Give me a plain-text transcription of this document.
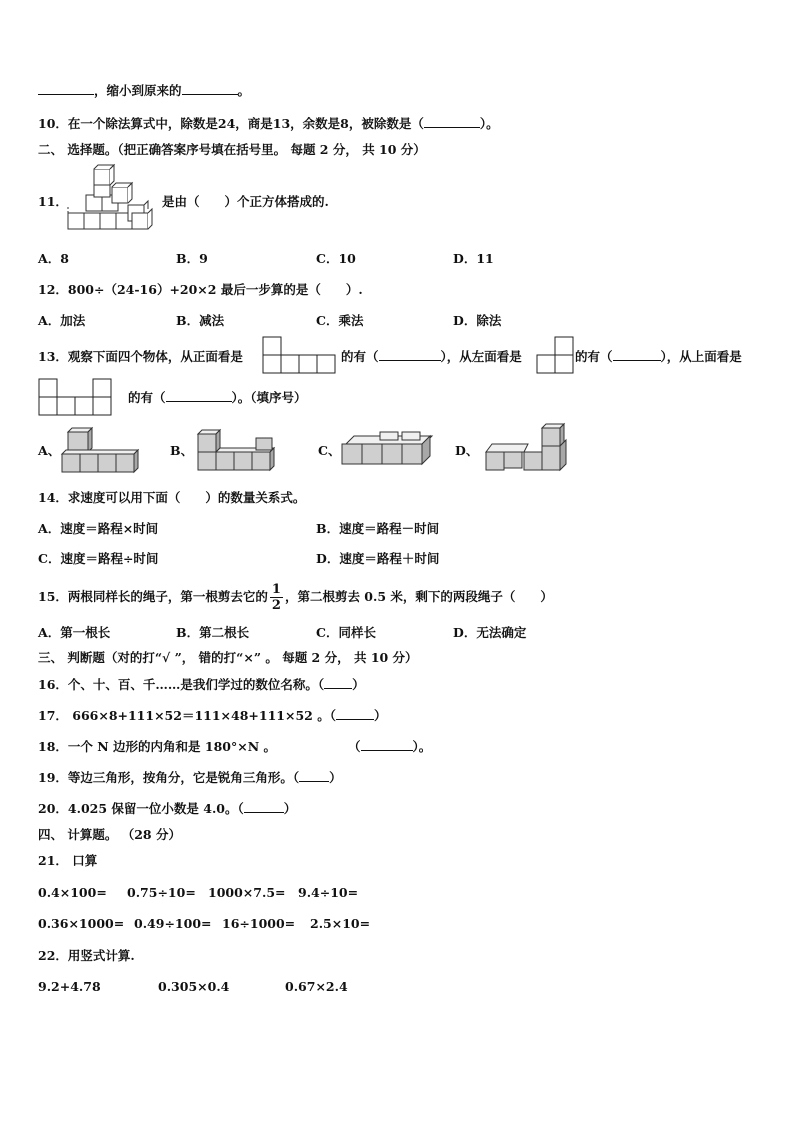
，缩小到原来的	。
10．在一个除法算式中，除数是24，商是13，余数是8，被除数是（	）。
二、 选择题。（把正确答案序号填在括号里。 每题 2 分， 共 10 分）
11．	是由（　　）个正方体搭成的.
A．8	B．9	C．10	D．11
12．800÷（24-16）+20×2 最后一步算的是（　　）.
A．加法	B．减法	C．乘法	D．除法
13．观察下面四个物体，从正面看是	的有（	），从左面看是	的有（	），从上面看是
的有（	）。（填序号）
A、	B、	C、	D、
14．求速度可以用下面（　　）的数量关系式。
A．速度＝路程×时间	B．速度＝路程－时间
C．速度＝路程÷时间	D．速度＝路程＋时间
15．两根同样长的绳子，第一根剪去它的 $\frac{1}{2}$ ，第二根剪去 0.5 米，剩下的两段绳子（　　）
A．第一根长	B．第二根长	C．同样长	D．无法确定
三、 判断题（对的打“√ ”， 错的打“×” 。 每题 2 分， 共 10 分）
16．个、十、百、千……是我们学过的数位名称。（ ）
17． 666×8+111×52＝111×48+111×52 。（	）
18．一个 N 边形的内角和是 180°×N 。	（	）。
19．等边三角形，按角分，它是锐角三角形。（ ）
20．4.025 保留一位小数是 4.0。（	）
四、 计算题。 （28 分）
21． 口算
0.4×100= 0.75÷10= 1000×7.5= 9.4÷10=
0.36×1000= 0.49÷100= 16÷1000= 2.5×10=
22．用竖式计算.
9.2+4.78	0.305×0.4	0.67×2.4
